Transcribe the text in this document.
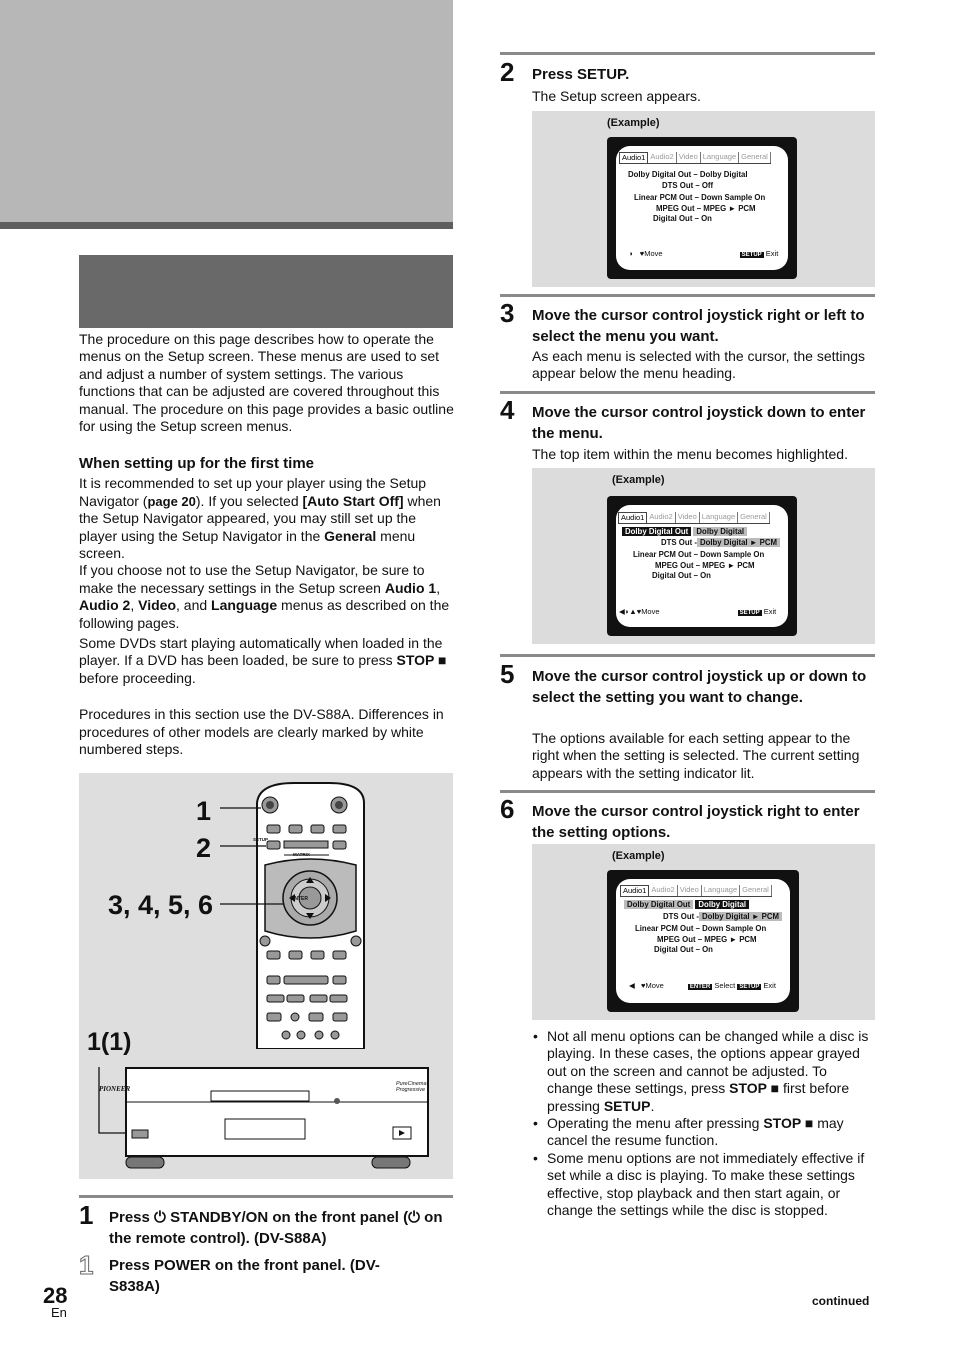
The procedure on this page describes how to operate the menus on the Setup screen. These menus are used to set and adjust a number of system settings. The various functions that can be adjusted are covered throughout this manual. The procedure on this page provides a basic outline for using the Setup screen menus.

When setting up for the first time

It is recommended to set up your player using the Setup Navigator (page 20). If you selected [Auto Start Off] when the Setup Navigator appeared, you may still set up the player using the Setup Navigator in the General menu screen.

If you choose not to use the Setup Navigator, be sure to make the necessary settings in the Setup screen Audio 1, Audio 2, Video, and Language menus as described on the following pages.

Some DVDs start playing automatically when loaded in the player. If a DVD has been loaded, be sure to press STOP ■ before proceeding.

Procedures in this section use the DV-S88A. Differences in procedures of other models are clearly marked by white numbered steps.

PIONEER
1
2
3, 4, 5, 6
1(1)
SETUP
ENTER
MATRIX
PureCinema Progressive
1 Press ⏻ STANDBY/ON on the front panel (⏻ on the remote control). (DV-S88A)
1 Press POWER on the front panel. (DV-S838A)
28
En
2 Press SETUP.
The Setup screen appears.
(Example)
Audio1 Audio2 Video Language General
Dolby Digital Out – Dolby Digital
DTS Out – Off
Linear PCM Out – Down Sample On
MPEG Out – MPEG ► PCM
Digital Out – On
◗   ♥Move	SETUP Exit
3 Move the cursor control joystick right or left to select the menu you want.
As each menu is selected with the cursor, the settings appear below the menu heading.
4 Move the cursor control joystick down to enter the menu.
The top item within the menu becomes highlighted.
(Example)
Audio1 Audio2 Video Language General
Dolby Digital Out Dolby Digital
DTS Out - Dolby Digital ► PCM
Linear PCM Out – Down Sample On
MPEG Out – MPEG ► PCM
Digital Out – On
◀◗▲♥Move	SETUP Exit
5 Move the cursor control joystick up or down to select the setting you want to change.
The options available for each setting appear to the right when the setting is selected. The current setting appears with the setting indicator lit.
6 Move the cursor control joystick right to enter the setting options.
(Example)
Audio1 Audio2 Video Language General
Dolby Digital Out Dolby Digital
DTS Out - Dolby Digital ► PCM
Linear PCM Out – Down Sample On
MPEG Out – MPEG ► PCM
Digital Out – On
◀   ♥Move	ENTER Select SETUP Exit
• Not all menu options can be changed while a disc is playing. In these cases, the options appear grayed out on the screen and cannot be adjusted. To change these settings, press STOP ■ first before pressing SETUP.
• Operating the menu after pressing STOP ■ may cancel the resume function.
• Some menu options are not immediately effective if set while a disc is playing. To make these settings effective, stop playback and then start again, or change the settings while the disc is stopped.
continued
